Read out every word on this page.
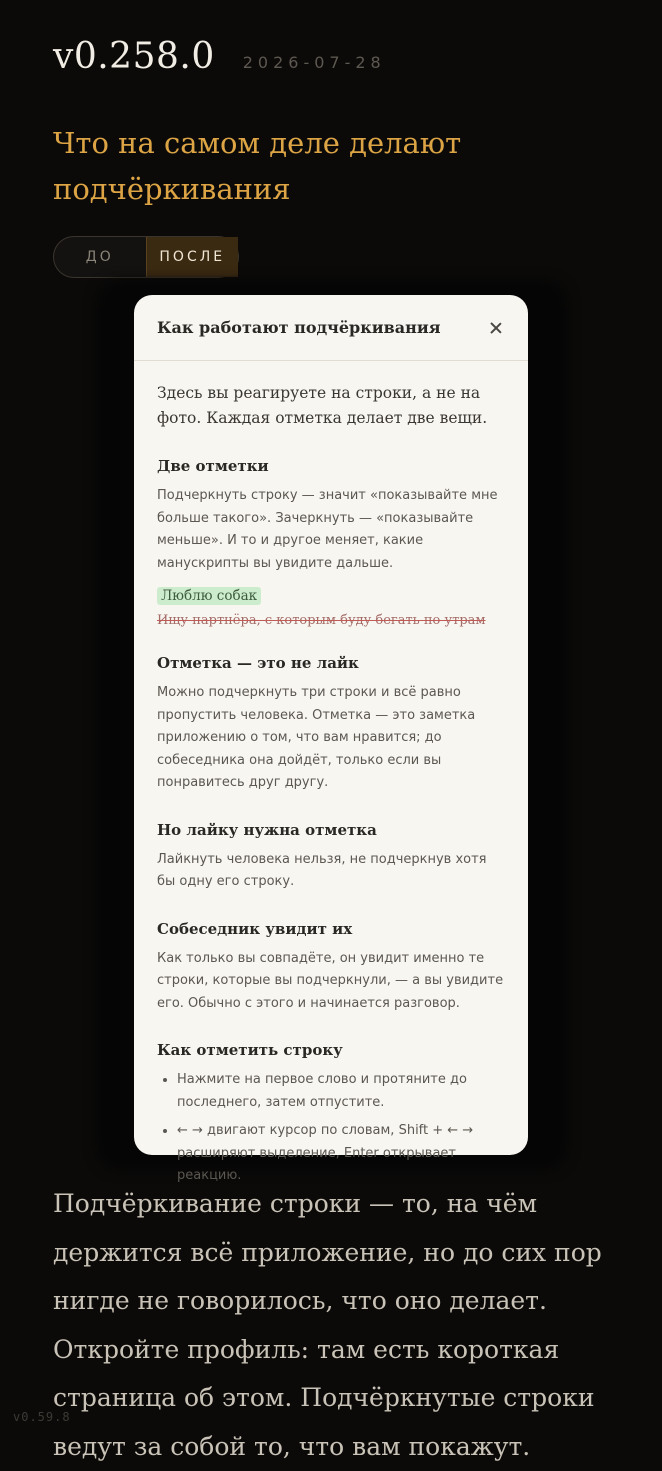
v0.258.0 2026-07-28
Что на самом деле делают подчёркивания
ДО	ПОСЛЕ
Как работают подчёркивания

Здесь вы реагируете на строки, а не на фото. Каждая отметка делает две вещи.

Две отметки

Подчеркнуть строку — значит «показывайте мне больше такого». Зачеркнуть — «показывайте меньше». И то и другое меняет, какие манускрипты вы увидите дальше.

Люблю собак
Ищу партнёра, с которым буду бегать по утрам
Отметка — это не лайк

Можно подчеркнуть три строки и всё равно пропустить человека. Отметка — это заметка приложению о том, что вам нравится; до собеседника она дойдёт, только если вы понравитесь друг другу.

Но лайку нужна отметка

Лайкнуть человека нельзя, не подчеркнув хотя бы одну его строку.

Собеседник увидит их

Как только вы совпадёте, он увидит именно те строки, которые вы подчеркнули, — а вы увидите его. Обычно с этого и начинается разговор.

Как отметить строку
• Нажмите на первое слово и протяните до последнего, затем отпустите.
• ← → двигают курсор по словам, Shift + ← → расширяют выделение, Enter открывает реакцию.

Подчёркивание строки — то, на чём держится всё приложение, но до сих пор нигде не говорилось, что оно делает. Откройте профиль: там есть короткая страница об этом. Подчёркнутые строки ведут за собой то, что вам покажут.

v0.59.8
